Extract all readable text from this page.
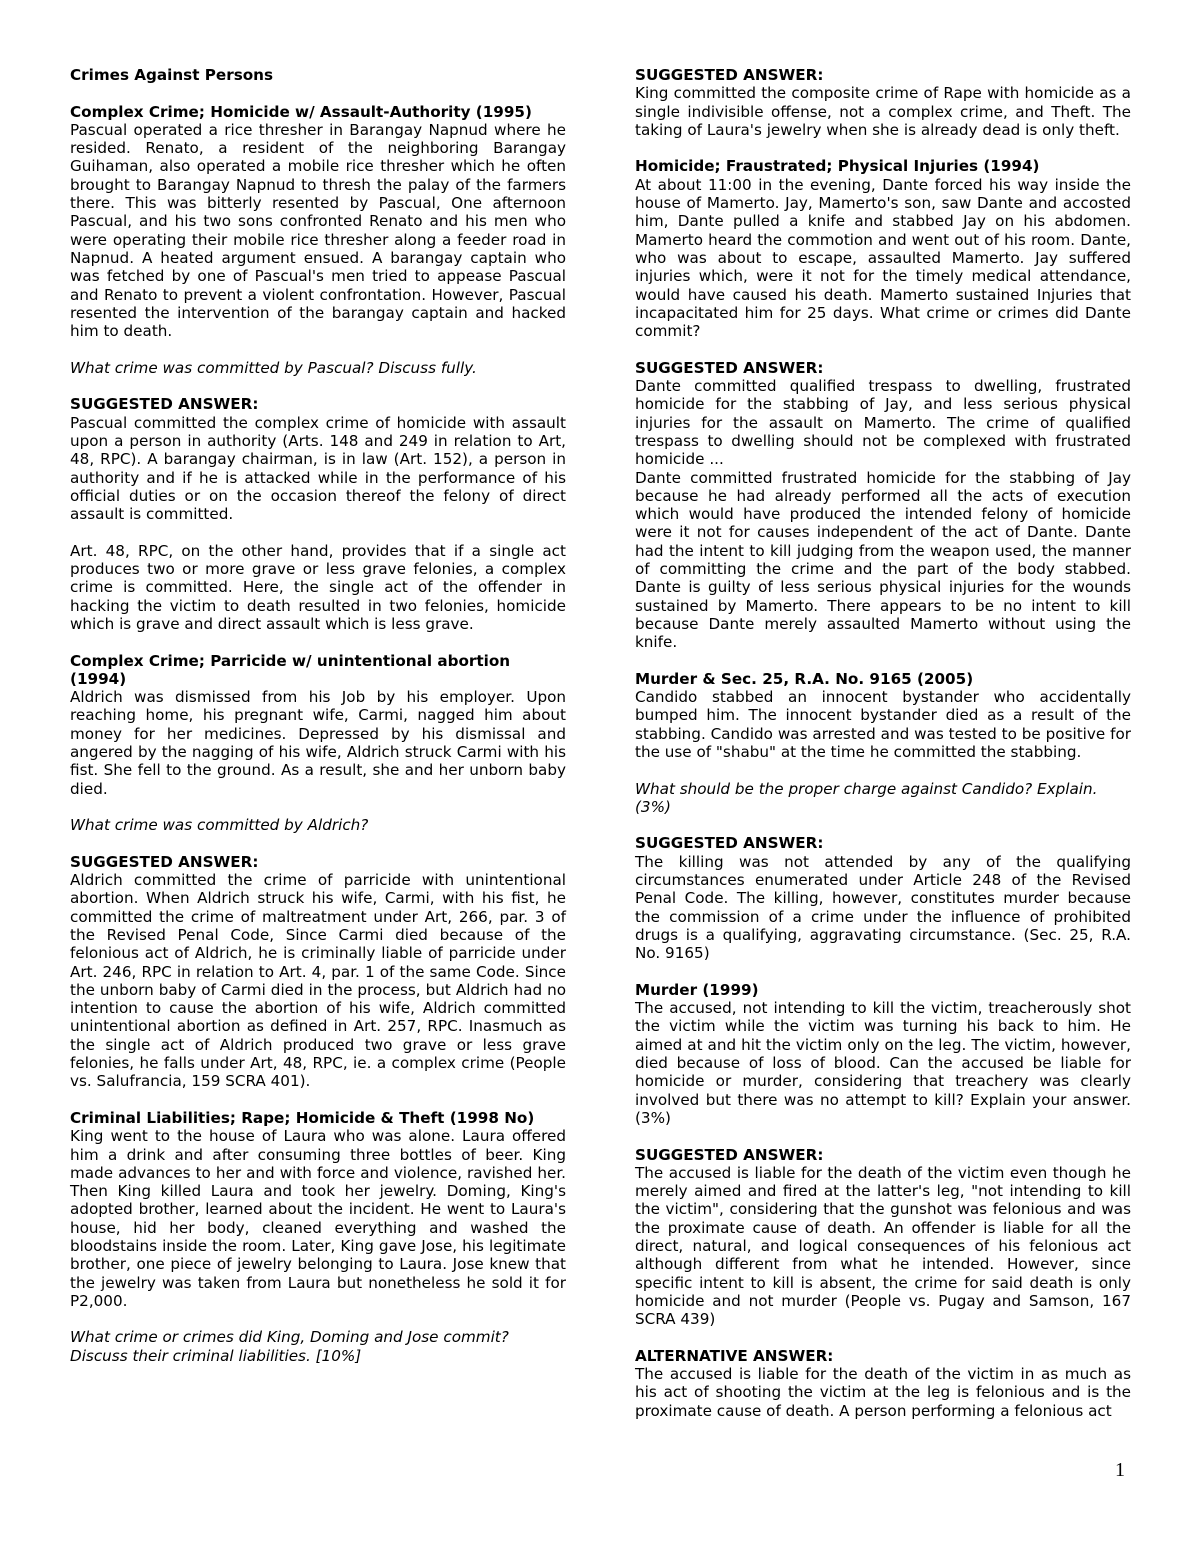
Crimes Against Persons
Complex Crime; Homicide w/ Assault-Authority (1995)
Pascual operated a rice thresher in Barangay Napnud where he resided. Renato, a resident of the neighboring Barangay Guihaman, also operated a mobile rice thresher which he often brought to Barangay Napnud to thresh the palay of the farmers there. This was bitterly resented by Pascual, One afternoon Pascual, and his two sons confronted Renato and his men who were operating their mobile rice thresher along a feeder road in Napnud. A heated argument ensued. A barangay captain who was fetched by one of Pascual's men tried to appease Pascual and Renato to prevent a violent confrontation. However, Pascual resented the intervention of the barangay captain and hacked him to death.
What crime was committed by Pascual? Discuss fully.
SUGGESTED ANSWER:
Pascual committed the complex crime of homicide with assault upon a person in authority (Arts. 148 and 249 in relation to Art, 48, RPC). A barangay chairman, is in law (Art. 152), a person in authority and if he is attacked while in the performance of his official duties or on the occasion thereof the felony of direct assault is committed.
Art. 48, RPC, on the other hand, provides that if a single act produces two or more grave or less grave felonies, a complex crime is committed. Here, the single act of the offender in hacking the victim to death resulted in two felonies, homicide which is grave and direct assault which is less grave.
Complex Crime; Parricide w/ unintentional abortion (1994)
Aldrich was dismissed from his Job by his employer. Upon reaching home, his pregnant wife, Carmi, nagged him about money for her medicines. Depressed by his dismissal and angered by the nagging of his wife, Aldrich struck Carmi with his fist. She fell to the ground. As a result, she and her unborn baby died.
What crime was committed by Aldrich?
SUGGESTED ANSWER:
Aldrich committed the crime of parricide with unintentional abortion. When Aldrich struck his wife, Carmi, with his fist, he committed the crime of maltreatment under Art, 266, par. 3 of the Revised Penal Code, Since Carmi died because of the felonious act of Aldrich, he is criminally liable of parricide under Art. 246, RPC in relation to Art. 4, par. 1 of the same Code. Since the unborn baby of Carmi died in the process, but Aldrich had no intention to cause the abortion of his wife, Aldrich committed unintentional abortion as defined in Art. 257, RPC. Inasmuch as the single act of Aldrich produced two grave or less grave felonies, he falls under Art, 48, RPC, ie. a complex crime (People vs. Salufrancia, 159 SCRA 401).
Criminal Liabilities; Rape; Homicide & Theft (1998 No)
King went to the house of Laura who was alone. Laura offered him a drink and after consuming three bottles of beer. King made advances to her and with force and violence, ravished her. Then King killed Laura and took her jewelry. Doming, King's adopted brother, learned about the incident. He went to Laura's house, hid her body, cleaned everything and washed the bloodstains inside the room. Later, King gave Jose, his legitimate brother, one piece of jewelry belonging to Laura. Jose knew that the jewelry was taken from Laura but nonetheless he sold it for P2,000.
What crime or crimes did King, Doming and Jose commit? Discuss their criminal liabilities. [10%]
SUGGESTED ANSWER:
King committed the composite crime of Rape with homicide as a single indivisible offense, not a complex crime, and Theft. The taking of Laura's jewelry when she is already dead is only theft.
Homicide; Fraustrated; Physical Injuries (1994)
At about 11:00 in the evening, Dante forced his way inside the house of Mamerto. Jay, Mamerto's son, saw Dante and accosted him, Dante pulled a knife and stabbed Jay on his abdomen. Mamerto heard the commotion and went out of his room. Dante, who was about to escape, assaulted Mamerto. Jay suffered injuries which, were it not for the timely medical attendance, would have caused his death. Mamerto sustained Injuries that incapacitated him for 25 days. What crime or crimes did Dante commit?
SUGGESTED ANSWER:
Dante committed qualified trespass to dwelling, frustrated homicide for the stabbing of Jay, and less serious physical injuries for the assault on Mamerto. The crime of qualified trespass to dwelling should not be complexed with frustrated homicide ...
Dante committed frustrated homicide for the stabbing of Jay because he had already performed all the acts of execution which would have produced the intended felony of homicide were it not for causes independent of the act of Dante. Dante had the intent to kill judging from the weapon used, the manner of committing the crime and the part of the body stabbed. Dante is guilty of less serious physical injuries for the wounds sustained by Mamerto. There appears to be no intent to kill because Dante merely assaulted Mamerto without using the knife.
Murder & Sec. 25, R.A. No. 9165 (2005)
Candido stabbed an innocent bystander who accidentally bumped him. The innocent bystander died as a result of the stabbing. Candido was arrested and was tested to be positive for the use of "shabu" at the time he committed the stabbing.
What should be the proper charge against Candido? Explain. (3%)
SUGGESTED ANSWER:
The killing was not attended by any of the qualifying circumstances enumerated under Article 248 of the Revised Penal Code. The killing, however, constitutes murder because the commission of a crime under the influence of prohibited drugs is a qualifying, aggravating circumstance. (Sec. 25, R.A. No. 9165)
Murder (1999)
The accused, not intending to kill the victim, treacherously shot the victim while the victim was turning his back to him. He aimed at and hit the victim only on the leg. The victim, however, died because of loss of blood. Can the accused be liable for homicide or murder, considering that treachery was clearly involved but there was no attempt to kill? Explain your answer. (3%)
SUGGESTED ANSWER:
The accused is liable for the death of the victim even though he merely aimed and fired at the latter's leg, "not intending to kill the victim", considering that the gunshot was felonious and was the proximate cause of death. An offender is liable for all the direct, natural, and logical consequences of his felonious act although different from what he intended. However, since specific intent to kill is absent, the crime for said death is only homicide and not murder (People vs. Pugay and Samson, 167 SCRA 439)
ALTERNATIVE ANSWER:
The accused is liable for the death of the victim in as much as his act of shooting the victim at the leg is felonious and is the proximate cause of death. A person performing a felonious act
1
